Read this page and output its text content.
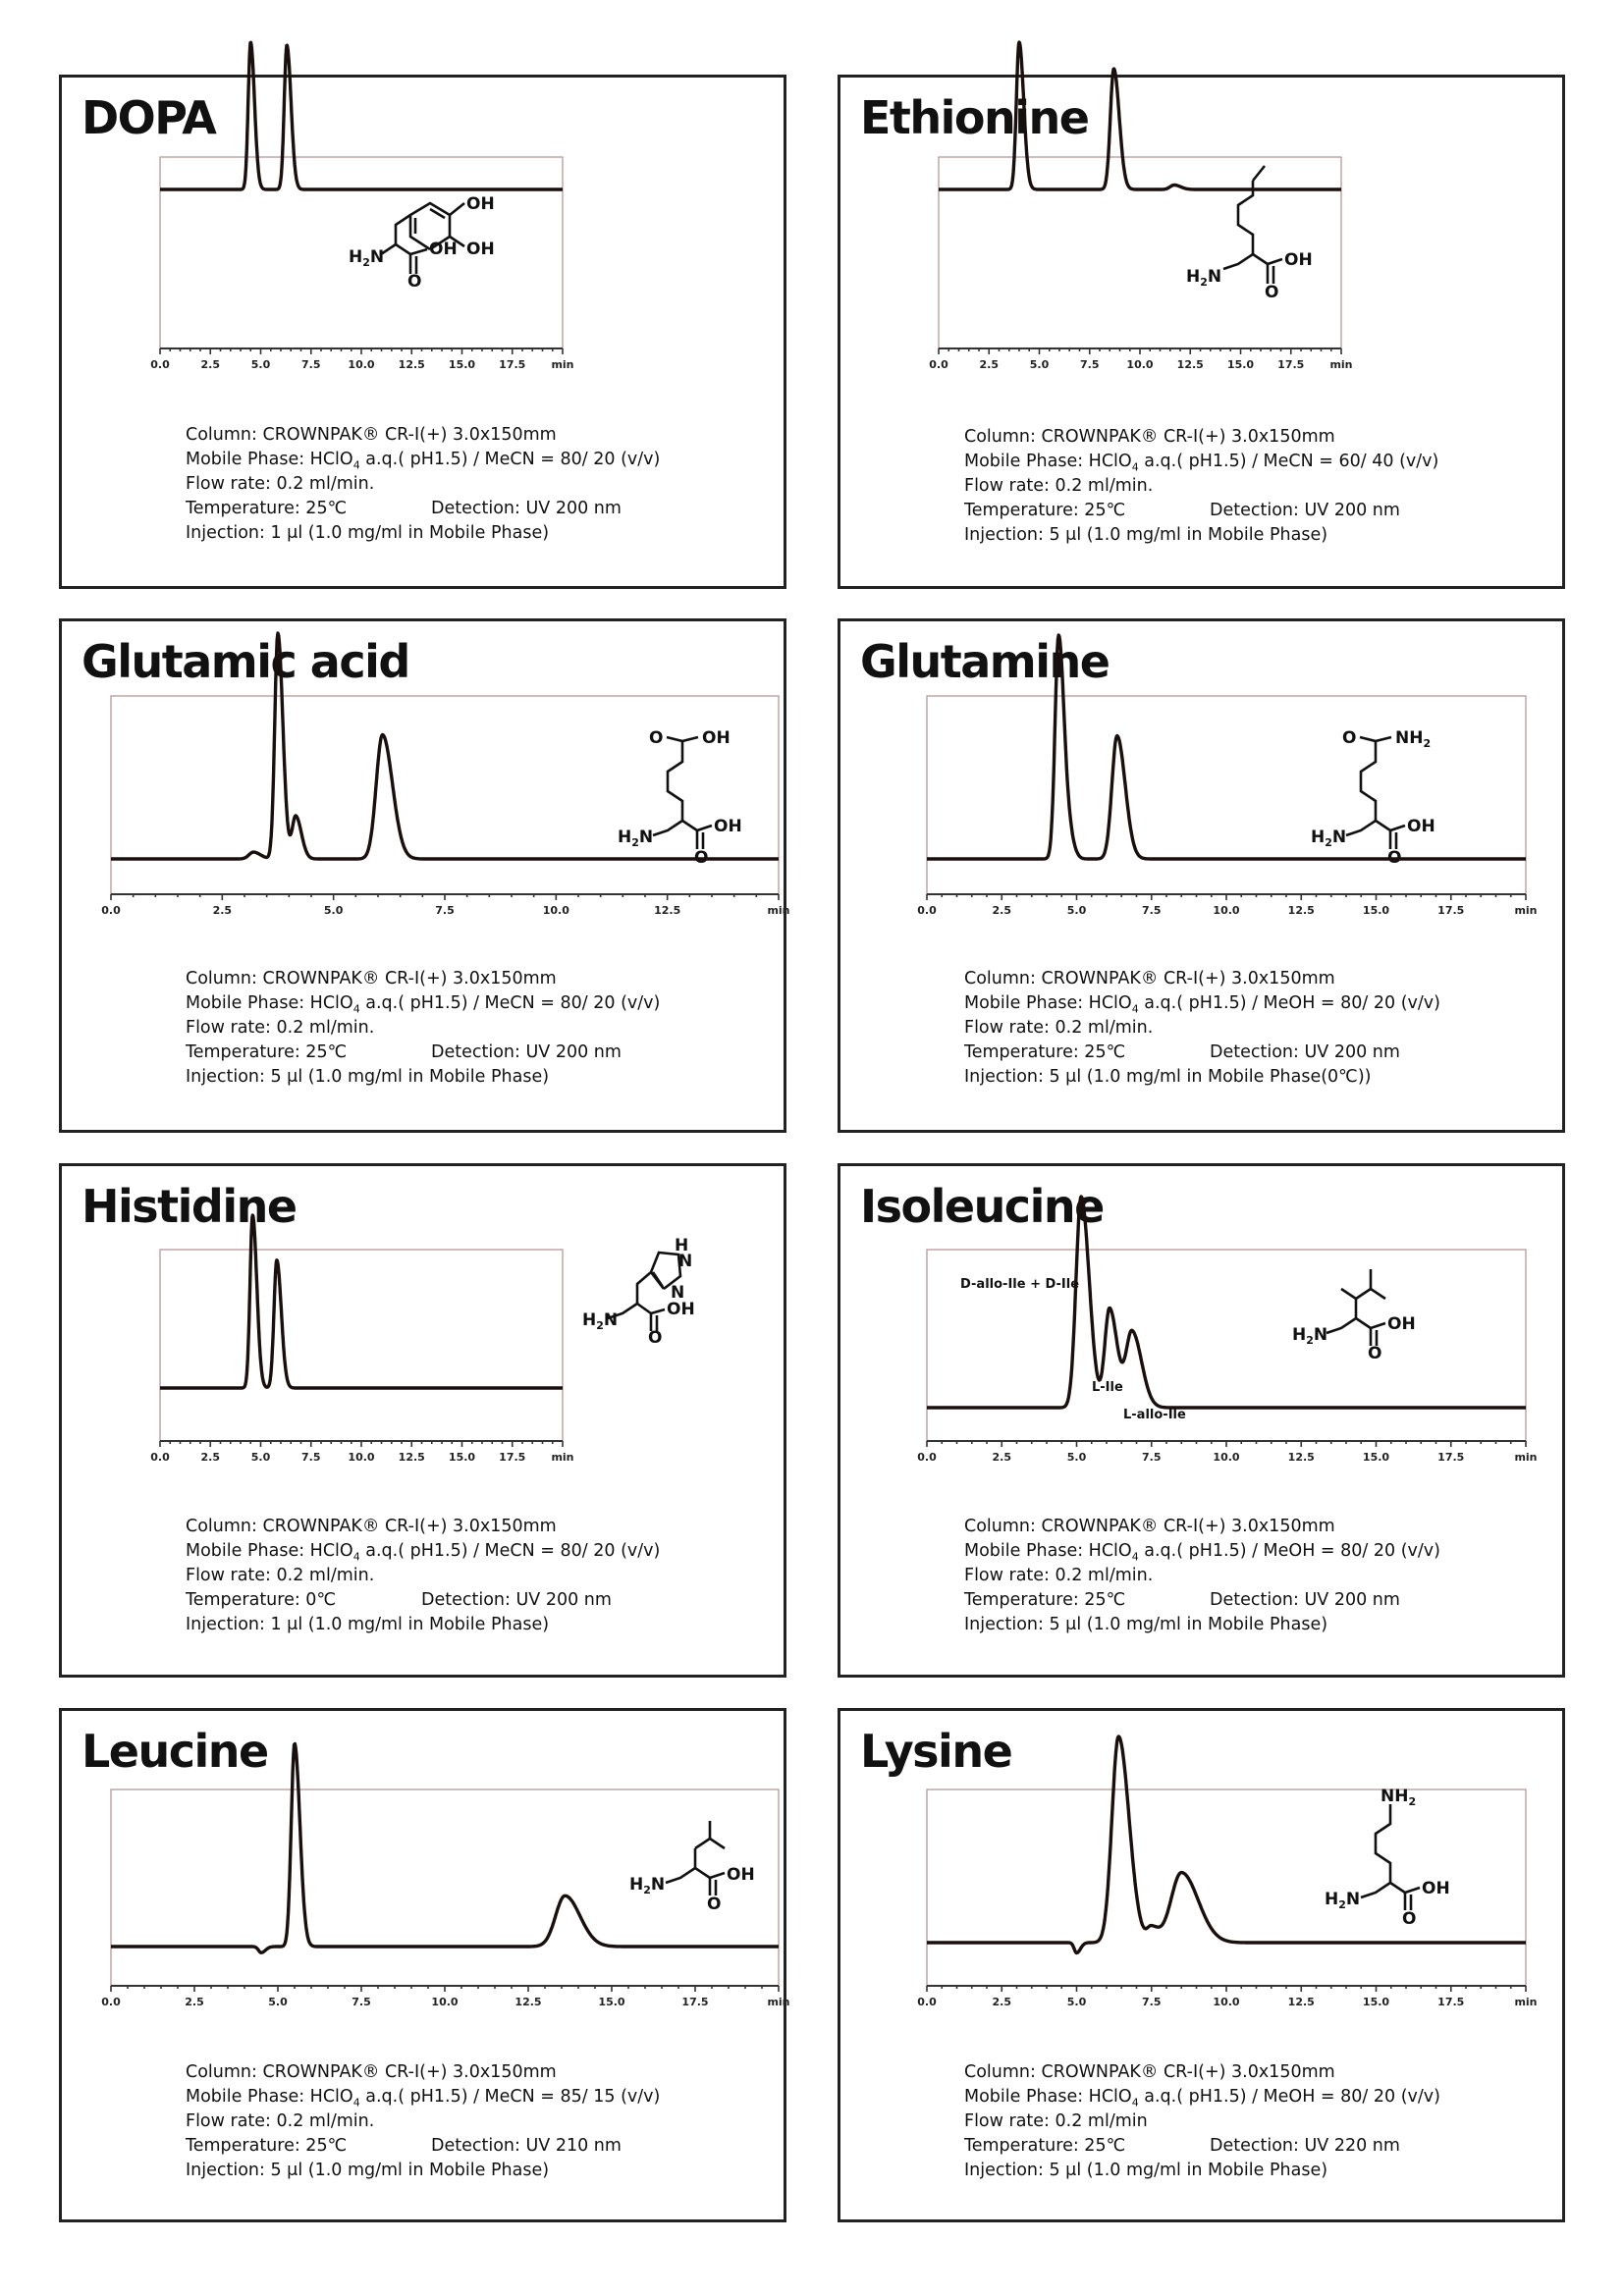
DOPA
OH
OH
$H_2N$	OH
O
0.0	2.5	5.0	7.5	10.0 12.5 15.0 17.5 min
Column: CROWNPAK® CR-I(+) 3.0x150mm
Mobile Phase: HClO$_4$ a.q.( pH1.5) / MeCN = 80/ 20 (v/v)
Flow rate: 0.2 ml/min.
Temperature: 25℃	Detection: UV 200 nm
Injection: 1 μl (1.0 mg/ml in Mobile Phase)
Ethionine
$H_2N$
OH
O
0.0	2.5	5.0	7.5	10.0 12.5 15.0 17.5 min
Column: CROWNPAK® CR-I(+) 3.0x150mm
Mobile Phase: HClO$_4$ a.q.( pH1.5) / MeCN = 60/ 40 (v/v)
Flow rate: 0.2 ml/min.
Temperature: 25℃	Detection: UV 200 nm
Injection: 5 μl (1.0 mg/ml in Mobile Phase)
Glutamic acid
O OH
$H_2N$
OH
O
0.0	2.5	5.0	7.5	10.0	12.5	min
Column: CROWNPAK® CR-I(+) 3.0x150mm
Mobile Phase: HClO$_4$ a.q.( pH1.5) / MeCN = 80/ 20 (v/v)
Flow rate: 0.2 ml/min.
Temperature: 25℃	Detection: UV 200 nm
Injection: 5 μl (1.0 mg/ml in Mobile Phase)
Glutamine
O $NH_2$
$H_2N$
OH
O
0.0	2.5	5.0	7.5	10.0	12.5	15.0	17.5	min
Column: CROWNPAK® CR-I(+) 3.0x150mm
Mobile Phase: HClO$_4$ a.q.( pH1.5) / MeOH = 80/ 20 (v/v)
Flow rate: 0.2 ml/min.
Temperature: 25℃	Detection: UV 200 nm
Injection: 5 μl (1.0 mg/ml in Mobile Phase(0℃))
Histidine
H
N
N
$H_2N$
OH
O
0.0	2.5	5.0	7.5	10.0 12.5 15.0 17.5 min
Column: CROWNPAK® CR-I(+) 3.0x150mm
Mobile Phase: HClO$_4$ a.q.( pH1.5) / MeCN = 80/ 20 (v/v)
Flow rate: 0.2 ml/min.
Temperature: 0℃	Detection: UV 200 nm
Injection: 1 μl (1.0 mg/ml in Mobile Phase)
Isoleucine
$H_2N$
OH
O
D-allo-Ile + D-Ile
L-Ile
L-allo-Ile
0.0	2.5	5.0	7.5	10.0	12.5	15.0	17.5	min
Column: CROWNPAK® CR-I(+) 3.0x150mm
Mobile Phase: HClO$_4$ a.q.( pH1.5) / MeOH = 80/ 20 (v/v)
Flow rate: 0.2 ml/min.
Temperature: 25℃	Detection: UV 200 nm
Injection: 5 μl (1.0 mg/ml in Mobile Phase)
Leucine
$H_2N$	OH
O
0.0	2.5	5.0	7.5	10.0	12.5	15.0	17.5	min
Column: CROWNPAK® CR-I(+) 3.0x150mm
Mobile Phase: HClO$_4$ a.q.( pH1.5) / MeCN = 85/ 15 (v/v)
Flow rate: 0.2 ml/min.
Temperature: 25℃	Detection: UV 210 nm
Injection: 5 μl (1.0 mg/ml in Mobile Phase)
Lysine
$NH_2$
$H_2N$
OH
O
0.0	2.5	5.0	7.5	10.0	12.5	15.0	17.5	min
Column: CROWNPAK® CR-I(+) 3.0x150mm
Mobile Phase: HClO$_4$ a.q.( pH1.5) / MeOH = 80/ 20 (v/v)
Flow rate: 0.2 ml/min
Temperature: 25℃	Detection: UV 220 nm
Injection: 5 μl (1.0 mg/ml in Mobile Phase)
